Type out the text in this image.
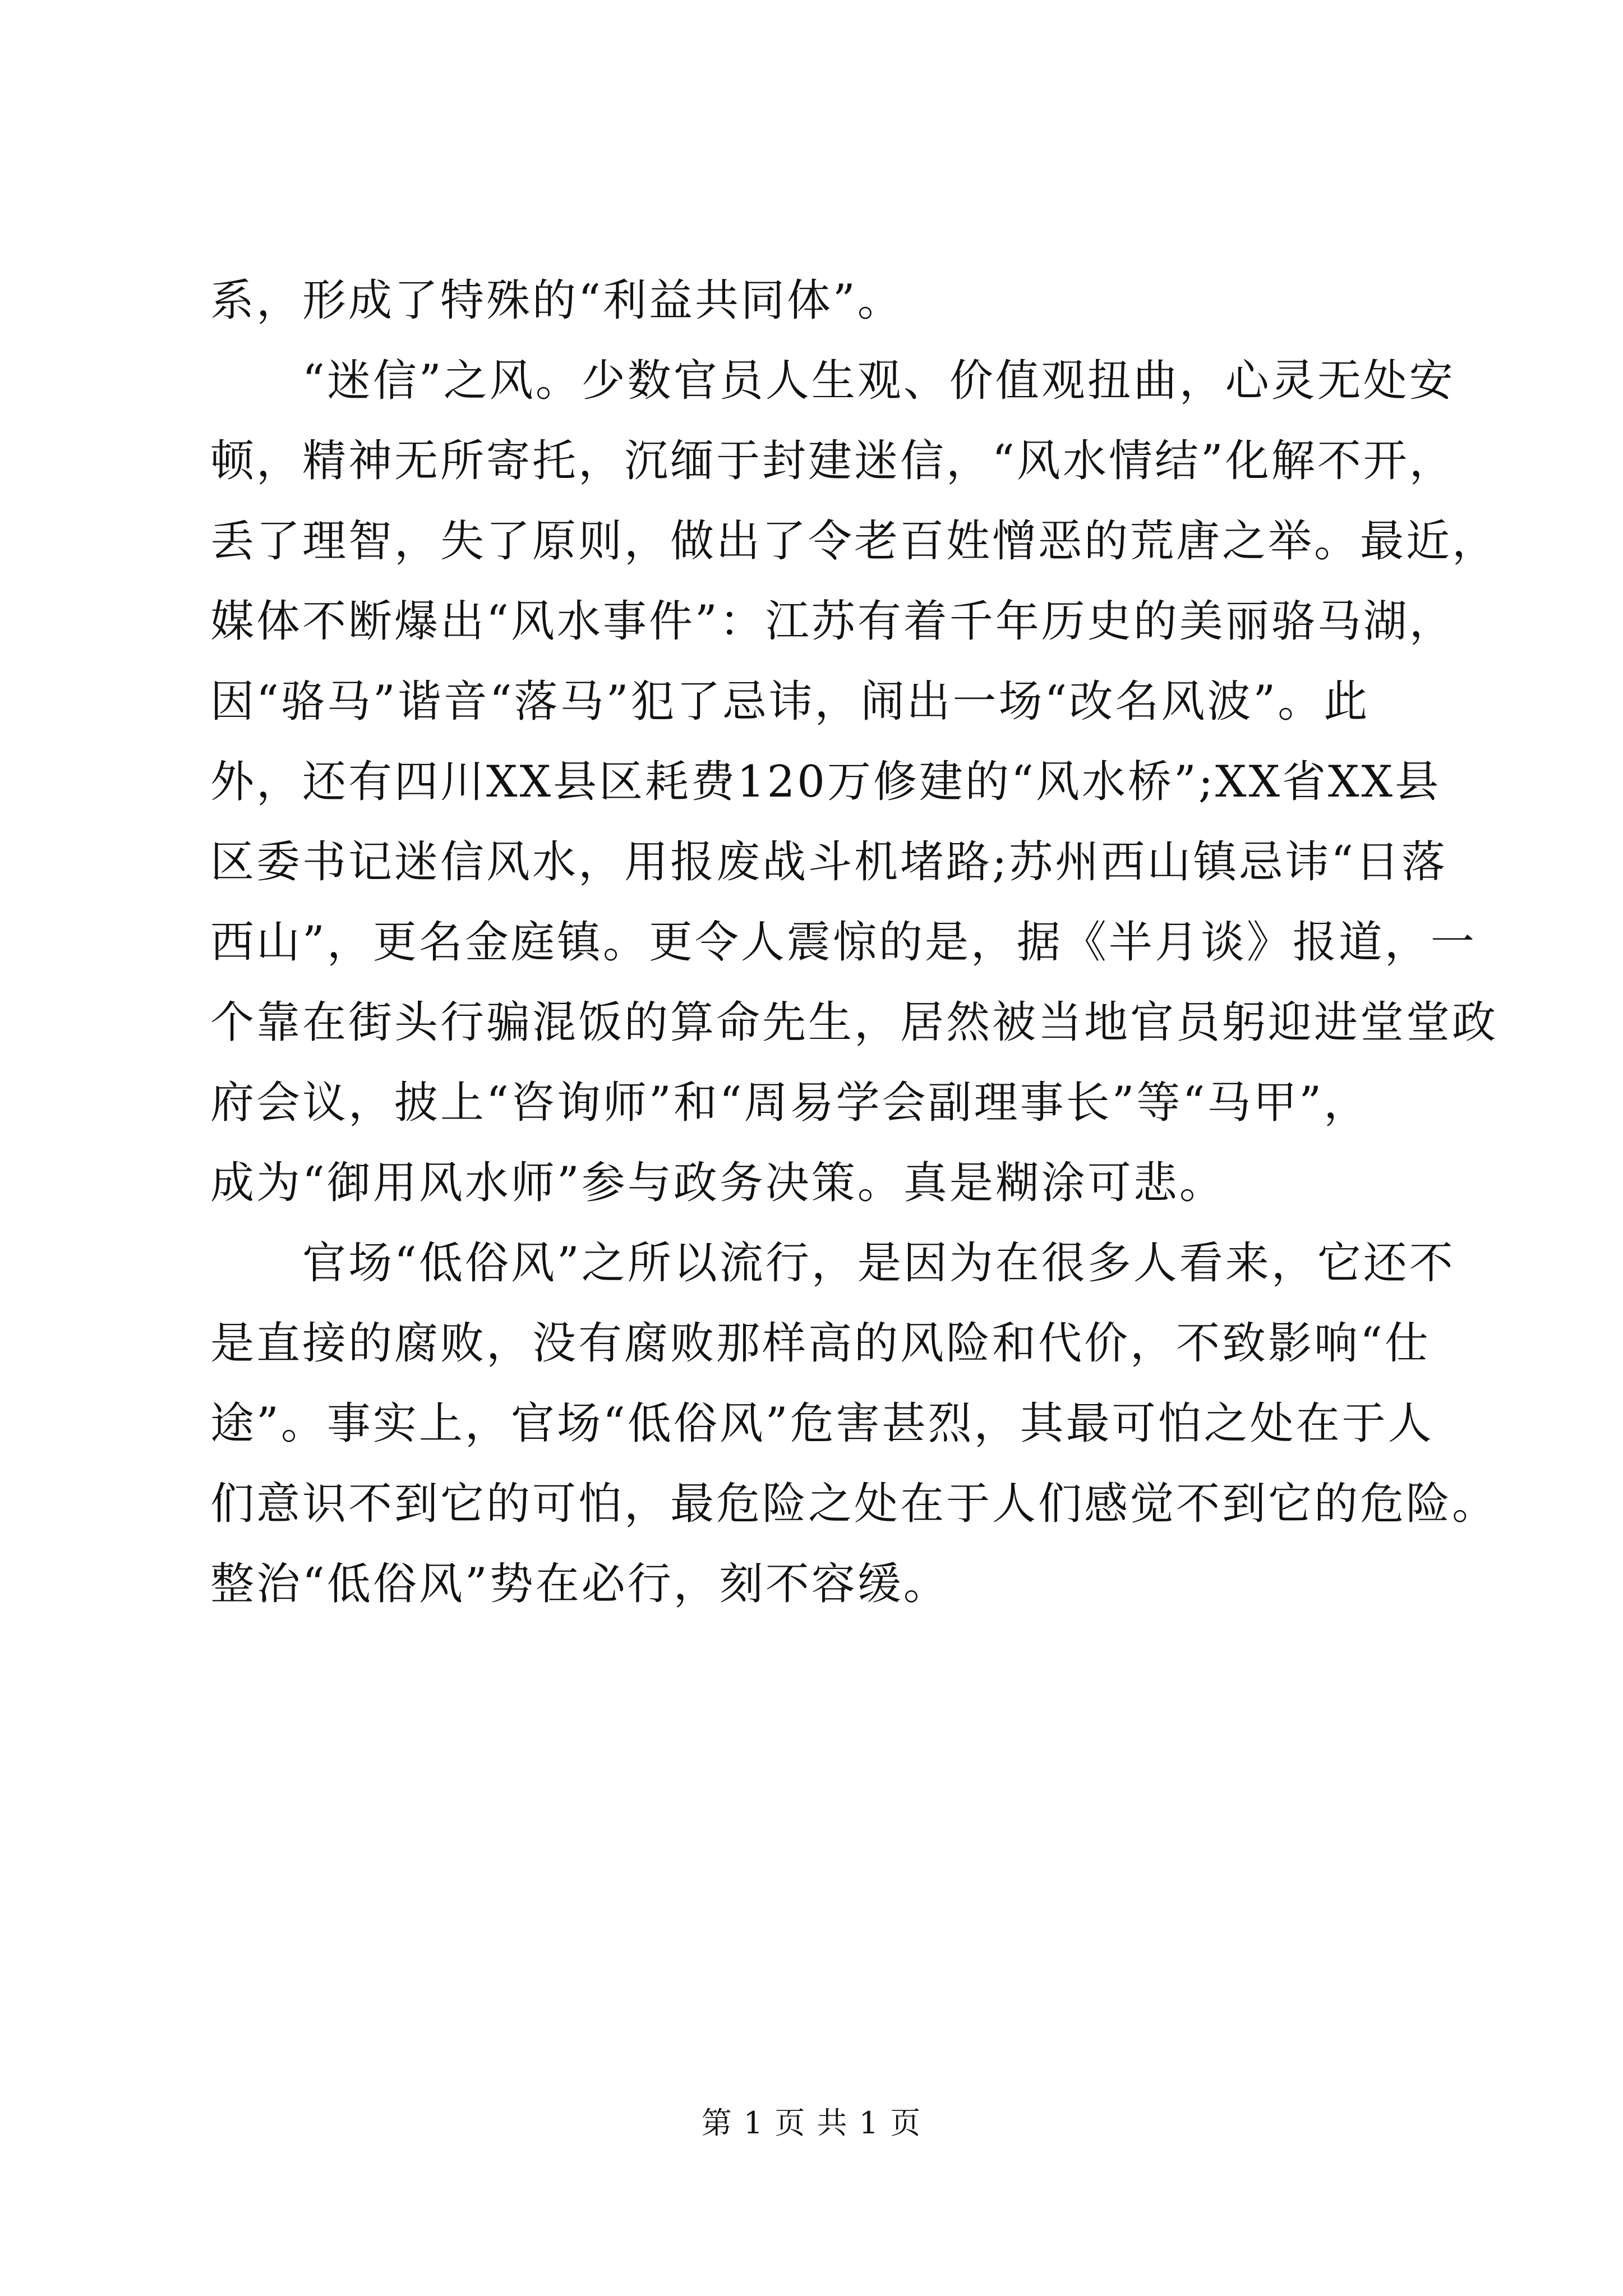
系，形成了特殊的“利益共同体”。
　　“迷信”之风。少数官员人生观、价值观扭曲，心灵无处安
顿，精神无所寄托，沉缅于封建迷信，“风水情结”化解不开，
丢了理智，失了原则，做出了令老百姓憎恶的荒唐之举。最近，
媒体不断爆出“风水事件”：江苏有着千年历史的美丽骆马湖，
因“骆马”谐音“落马”犯了忌讳，闹出一场“改名风波”。此
外，还有四川XX县区耗费120万修建的“风水桥”;XX省XX县
区委书记迷信风水，用报废战斗机堵路;苏州西山镇忌讳“日落
西山”，更名金庭镇。更令人震惊的是，据《半月谈》报道，一
个靠在街头行骗混饭的算命先生，居然被当地官员躬迎进堂堂政
府会议，披上“咨询师”和“周易学会副理事长”等“马甲”，
成为“御用风水师”参与政务决策。真是糊涂可悲。
　　官场“低俗风”之所以流行，是因为在很多人看来，它还不
是直接的腐败，没有腐败那样高的风险和代价，不致影响“仕
途”。事实上，官场“低俗风”危害甚烈，其最可怕之处在于人
们意识不到它的可怕，最危险之处在于人们感觉不到它的危险。
整治“低俗风”势在必行，刻不容缓。
第 1 页 共 1 页
